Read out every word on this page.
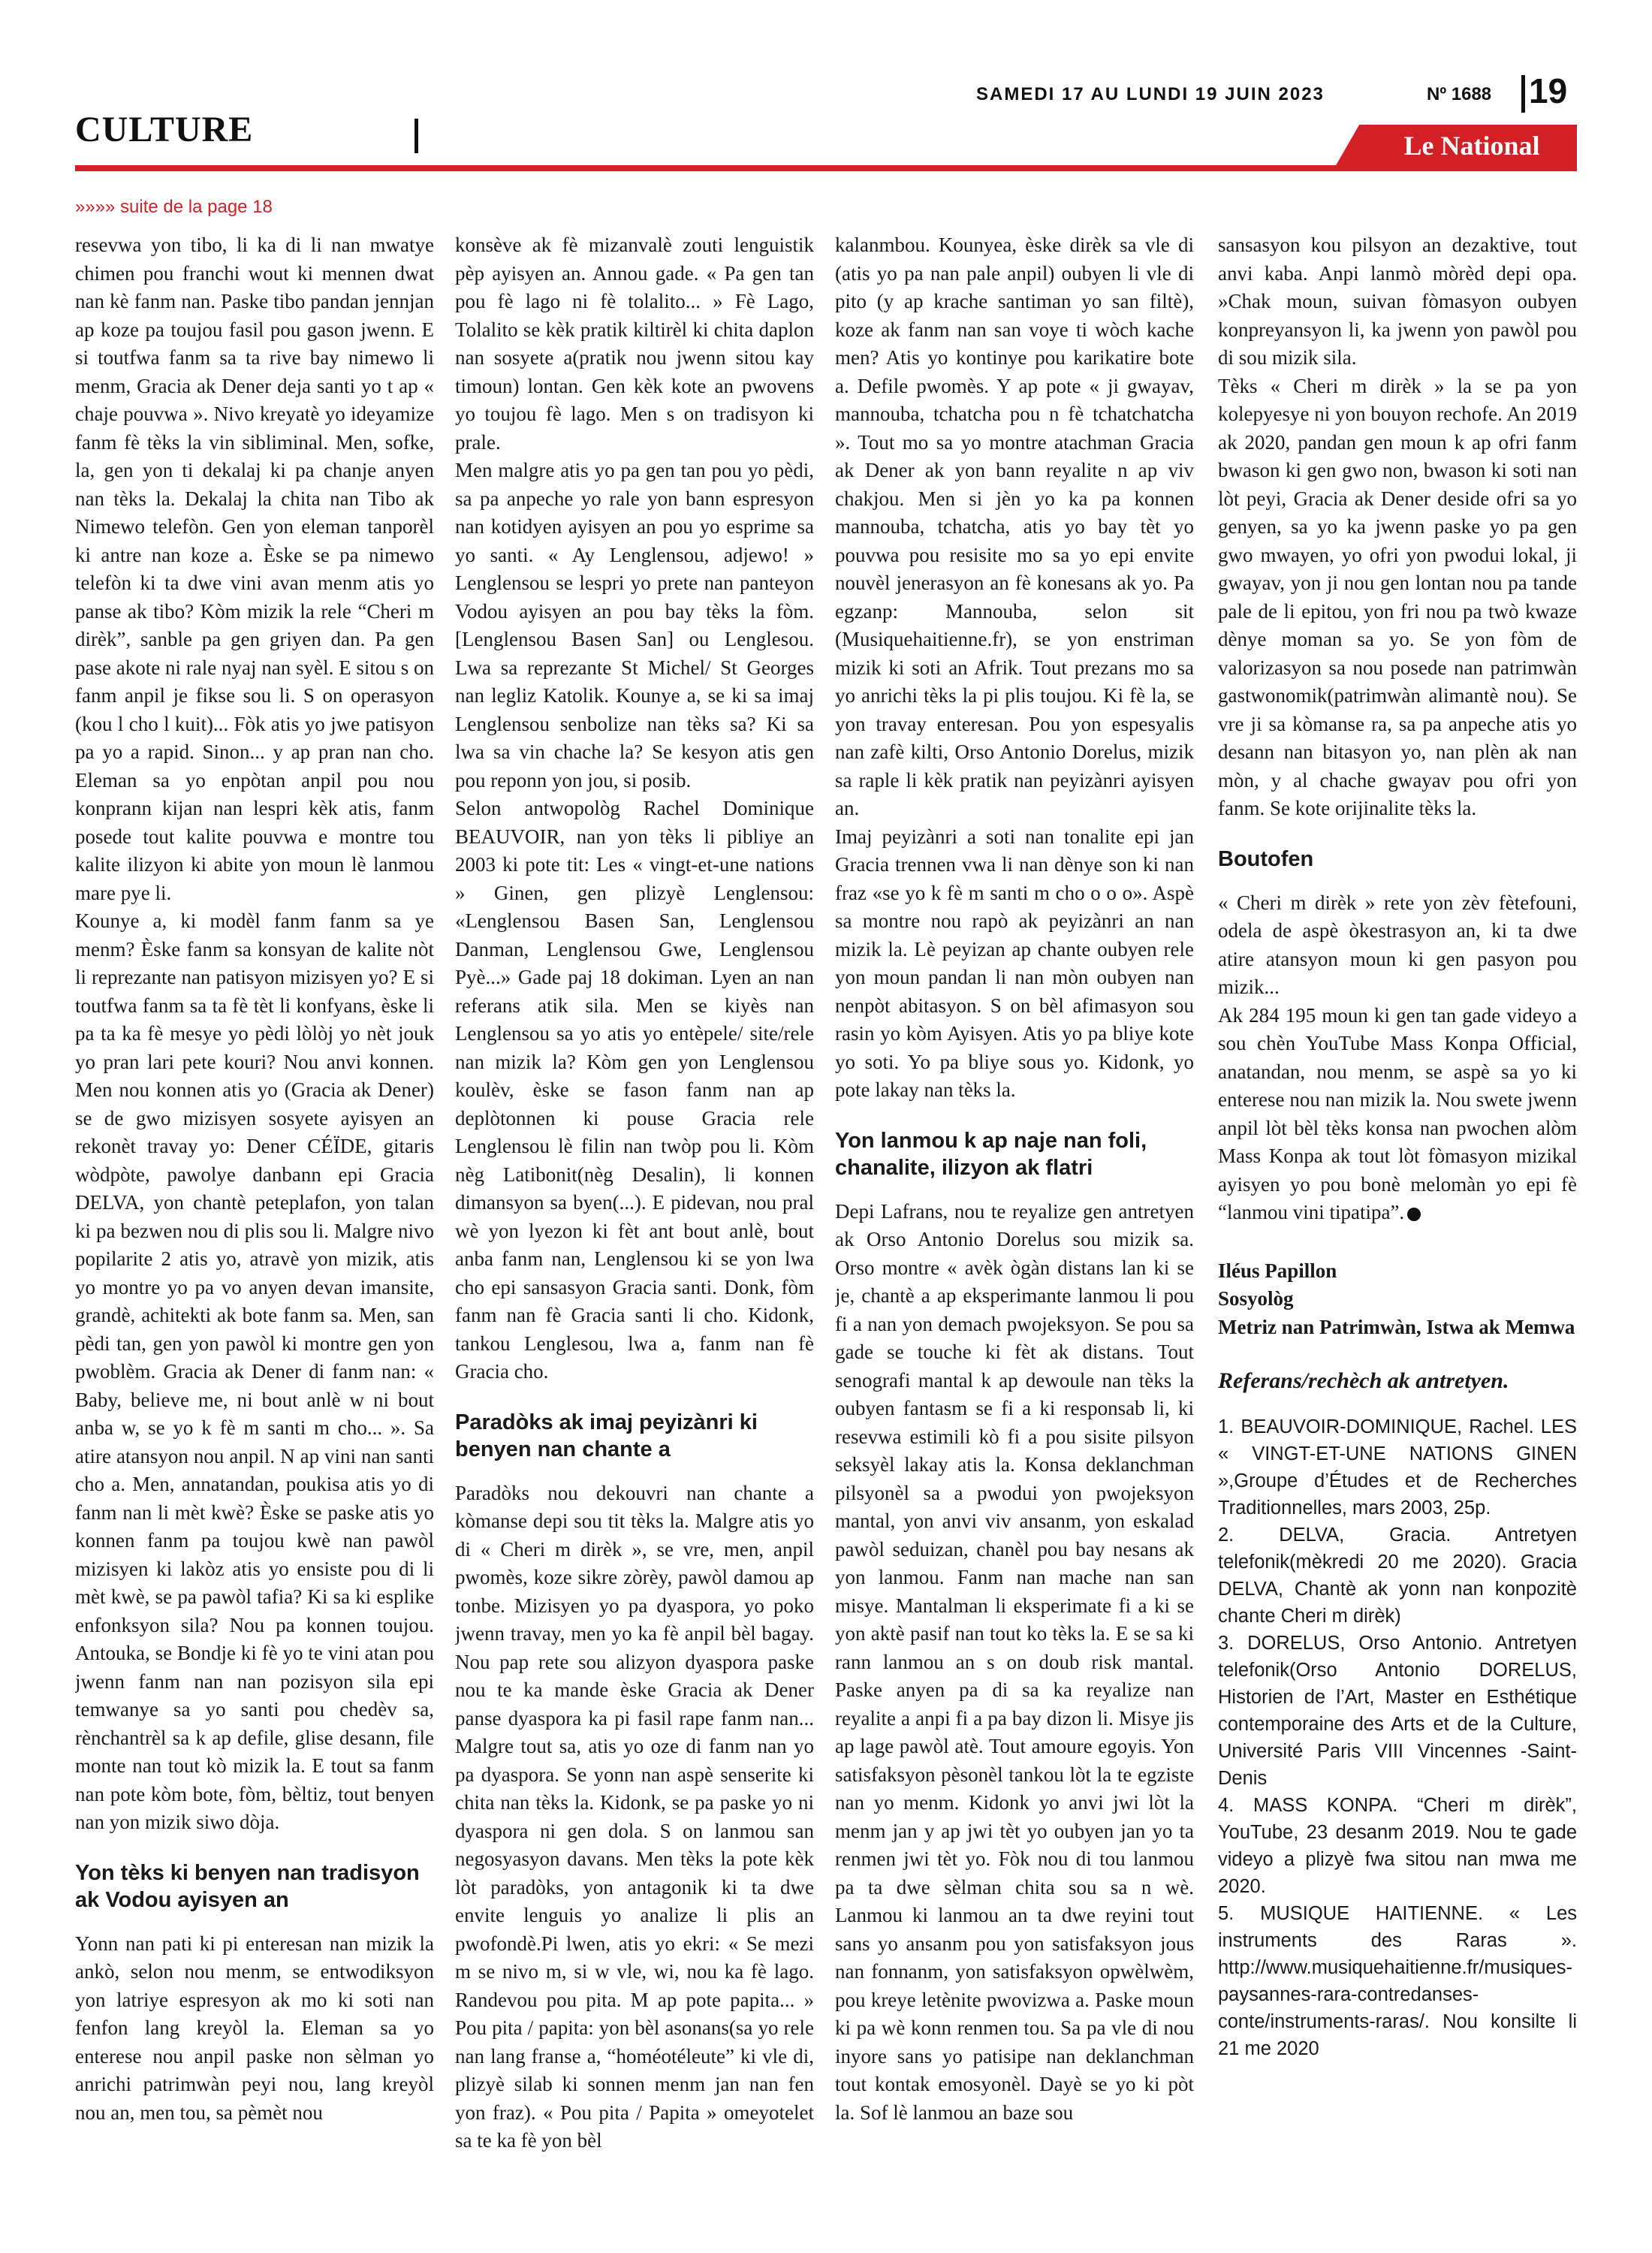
SAMEDI 17 AU LUNDI 19 JUIN 2023	Nº 1688 19
CULTURE	Le National
»»»» suite de la page 18

resevwa yon tibo, li ka di li nan mwatye chimen pou franchi wout ki mennen dwat nan kè fanm nan. Paske tibo pandan jennjan ap koze pa toujou fasil pou gason jwenn. E si toutfwa fanm sa ta rive bay nimewo li menm, Gracia ak Dener deja santi yo t ap « chaje pouvwa ». Nivo kreyatè yo ideyamize fanm fè tèks la vin sibliminal. Men, sofke, la, gen yon ti dekalaj ki pa chanje anyen nan tèks la. Dekalaj la chita nan Tibo ak Nimewo telefòn. Gen yon eleman tanporèl ki antre nan koze a. Èske se pa nimewo telefòn ki ta dwe vini avan menm atis yo panse ak tibo? Kòm mizik la rele “Cheri m dirèk”, sanble pa gen griyen dan. Pa gen pase akote ni rale nyaj nan syèl. E sitou s on fanm anpil je fikse sou li. S on operasyon (kou l cho l kuit)... Fòk atis yo jwe patisyon pa yo a rapid. Sinon... y ap pran nan cho. Eleman sa yo enpòtan anpil pou nou konprann kijan nan lespri kèk atis, fanm posede tout kalite pouvwa e montre tou kalite ilizyon ki abite yon moun lè lanmou mare pye li.

Kounye a, ki modèl fanm fanm sa ye menm? Èske fanm sa konsyan de kalite nòt li reprezante nan patisyon mizisyen yo? E si toutfwa fanm sa ta fè tèt li konfyans, èske li pa ta ka fè mesye yo pèdi lòlòj yo nèt jouk yo pran lari pete kouri? Nou anvi konnen. Men nou konnen atis yo (Gracia ak Dener) se de gwo mizisyen sosyete ayisyen an rekonèt travay yo: Dener CÉÏDE, gitaris wòdpòte, pawolye danbann epi Gracia DELVA, yon chantè peteplafon, yon talan ki pa bezwen nou di plis sou li. Malgre nivo popilarite 2 atis yo, atravè yon mizik, atis yo montre yo pa vo anyen devan imansite, grandè, achitekti ak bote fanm sa. Men, san pèdi tan, gen yon pawòl ki montre gen yon pwoblèm. Gracia ak Dener di fanm nan: « Baby, believe me, ni bout anlè w ni bout anba w, se yo k fè m santi m cho... ». Sa atire atansyon nou anpil. N ap vini nan santi cho a. Men, annatandan, poukisa atis yo di fanm nan li mèt kwè? Èske se paske atis yo konnen fanm pa toujou kwè nan pawòl mizisyen ki lakòz atis yo ensiste pou di li mèt kwè, se pa pawòl tafia? Ki sa ki esplike enfonksyon sila? Nou pa konnen toujou. Antouka, se Bondje ki fè yo te vini atan pou jwenn fanm nan nan pozisyon sila epi temwanye sa yo santi pou chedèv sa, rènchantrèl sa k ap defile, glise desann, file monte nan tout kò mizik la. E tout sa fanm nan pote kòm bote, fòm, bèltiz, tout benyen nan yon mizik siwo dòja.

Yon tèks ki benyen nan tradisyon ak Vodou ayisyen an

Yonn nan pati ki pi enteresan nan mizik la ankò, selon nou menm, se entwodiksyon yon latriye espresyon ak mo ki soti nan fenfon lang kreyòl la. Eleman sa yo enterese nou anpil paske non sèlman yo anrichi patrimwàn peyi nou, lang kreyòl nou an, men tou, sa pèmèt nou

konsève ak fè mizanvalè zouti lenguistik pèp ayisyen an. Annou gade. « Pa gen tan pou fè lago ni fè tolalito... » Fè Lago, Tolalito se kèk pratik kiltirèl ki chita daplon nan sosyete a(pratik nou jwenn sitou kay timoun) lontan. Gen kèk kote an pwovens yo toujou fè lago. Men s on tradisyon ki prale.

Men malgre atis yo pa gen tan pou yo pèdi, sa pa anpeche yo rale yon bann espresyon nan kotidyen ayisyen an pou yo esprime sa yo santi. « Ay Lenglensou, adjewo! » Lenglensou se lespri yo prete nan panteyon Vodou ayisyen an pou bay tèks la fòm. [Lenglensou Basen San] ou Lenglesou. Lwa sa reprezante St Michel/ St Georges nan legliz Katolik. Kounye a, se ki sa imaj Lenglensou senbolize nan tèks sa? Ki sa lwa sa vin chache la? Se kesyon atis gen pou reponn yon jou, si posib.

Selon antwopològ Rachel Dominique BEAUVOIR, nan yon tèks li pibliye an 2003 ki pote tit: Les « vingt-et-une nations » Ginen, gen plizyè Lenglensou: «Lenglensou Basen San, Lenglensou Danman, Lenglensou Gwe, Lenglensou Pyè...» Gade paj 18 dokiman. Lyen an nan referans atik sila. Men se kiyès nan Lenglensou sa yo atis yo entèpele/ site/rele nan mizik la? Kòm gen yon Lenglensou koulèv, èske se fason fanm nan ap deplòtonnen ki pouse Gracia rele Lenglensou lè filin nan twòp pou li. Kòm nèg Latibonit(nèg Desalin), li konnen dimansyon sa byen(...). E pidevan, nou pral wè yon lyezon ki fèt ant bout anlè, bout anba fanm nan, Lenglensou ki se yon lwa cho epi sansasyon Gracia santi. Donk, fòm fanm nan fè Gracia santi li cho. Kidonk, tankou Lenglesou, lwa a, fanm nan fè Gracia cho.

Paradòks ak imaj peyizànri ki benyen nan chante a

Paradòks nou dekouvri nan chante a kòmanse depi sou tit tèks la. Malgre atis yo di « Cheri m dirèk », se vre, men, anpil pwomès, koze sikre zòrèy, pawòl damou ap tonbe. Mizisyen yo pa dyaspora, yo poko jwenn travay, men yo ka fè anpil bèl bagay. Nou pap rete sou alizyon dyaspora paske nou te ka mande èske Gracia ak Dener panse dyaspora ka pi fasil rape fanm nan... Malgre tout sa, atis yo oze di fanm nan yo pa dyaspora. Se yonn nan aspè senserite ki chita nan tèks la. Kidonk, se pa paske yo ni dyaspora ni gen dola. S on lanmou san negosyasyon davans. Men tèks la pote kèk lòt paradòks, yon antagonik ki ta dwe envite lenguis yo analize li plis an pwofondè.Pi lwen, atis yo ekri: « Se mezi m se nivo m, si w vle, wi, nou ka fè lago. Randevou pou pita. M ap pote papita... » Pou pita / papita: yon bèl asonans(sa yo rele nan lang franse a, “homéotéleute” ki vle di, plizyè silab ki sonnen menm jan nan fen yon fraz). « Pou pita / Papita » omeyotelet sa te ka fè yon bèl

kalanmbou. Kounyea, èske dirèk sa vle di (atis yo pa nan pale anpil) oubyen li vle di pito (y ap krache santiman yo san filtè), koze ak fanm nan san voye ti wòch kache men? Atis yo kontinye pou karikatire bote a. Defile pwomès. Y ap pote « ji gwayav, mannouba, tchatcha pou n fè tchatchatcha ». Tout mo sa yo montre atachman Gracia ak Dener ak yon bann reyalite n ap viv chakjou. Men si jèn yo ka pa konnen mannouba, tchatcha, atis yo bay tèt yo pouvwa pou resisite mo sa yo epi envite nouvèl jenerasyon an fè konesans ak yo. Pa egzanp: Mannouba, selon sit (Musiquehaitienne.fr), se yon enstriman mizik ki soti an Afrik. Tout prezans mo sa yo anrichi tèks la pi plis toujou. Ki fè la, se yon travay enteresan. Pou yon espesyalis nan zafè kilti, Orso Antonio Dorelus, mizik sa raple li kèk pratik nan peyizànri ayisyen an.

Imaj peyizànri a soti nan tonalite epi jan Gracia trennen vwa li nan dènye son ki nan fraz «se yo k fè m santi m cho o o o». Aspè sa montre nou rapò ak peyizànri an nan mizik la. Lè peyizan ap chante oubyen rele yon moun pandan li nan mòn oubyen nan nenpòt abitasyon. S on bèl afimasyon sou rasin yo kòm Ayisyen. Atis yo pa bliye kote yo soti. Yo pa bliye sous yo. Kidonk, yo pote lakay nan tèks la.

Yon lanmou k ap naje nan foli, chanalite, ilizyon ak flatri

Depi Lafrans, nou te reyalize gen antretyen ak Orso Antonio Dorelus sou mizik sa. Orso montre « avèk ògàn distans lan ki se je, chantè a ap eksperimante lanmou li pou fi a nan yon demach pwojeksyon. Se pou sa gade se touche ki fèt ak distans. Tout senografi mantal k ap dewoule nan tèks la oubyen fantasm se fi a ki responsab li, ki resevwa estimili kò fi a pou sisite pilsyon seksyèl lakay atis la. Konsa deklanchman pilsyonèl sa a pwodui yon pwojeksyon mantal, yon anvi viv ansanm, yon eskalad pawòl seduizan, chanèl pou bay nesans ak yon lanmou. Fanm nan mache nan san misye. Mantalman li eksperimate fi a ki se yon aktè pasif nan tout ko tèks la. E se sa ki rann lanmou an s on doub risk mantal. Paske anyen pa di sa ka reyalize nan reyalite a anpi fi a pa bay dizon li. Misye jis ap lage pawòl atè. Tout amoure egoyis. Yon satisfaksyon pèsonèl tankou lòt la te egziste nan yo menm. Kidonk yo anvi jwi lòt la menm jan y ap jwi tèt yo oubyen jan yo ta renmen jwi tèt yo. Fòk nou di tou lanmou pa ta dwe sèlman chita sou sa n wè. Lanmou ki lanmou an ta dwe reyini tout sans yo ansanm pou yon satisfaksyon jous nan fonnanm, yon satisfaksyon opwèlwèm, pou kreye letènite pwovizwa a. Paske moun ki pa wè konn renmen tou. Sa pa vle di nou inyore sans yo patisipe nan deklanchman tout kontak emosyonèl. Dayè se yo ki pòt la. Sof lè lanmou an baze sou

sansasyon kou pilsyon an dezaktive, tout anvi kaba. Anpi lanmò mòrèd depi opa. »Chak moun, suivan fòmasyon oubyen konpreyansyon li, ka jwenn yon pawòl pou di sou mizik sila.

Tèks « Cheri m dirèk » la se pa yon kolepyesye ni yon bouyon rechofe. An 2019 ak 2020, pandan gen moun k ap ofri fanm bwason ki gen gwo non, bwason ki soti nan lòt peyi, Gracia ak Dener deside ofri sa yo genyen, sa yo ka jwenn paske yo pa gen gwo mwayen, yo ofri yon pwodui lokal, ji gwayav, yon ji nou gen lontan nou pa tande pale de li epitou, yon fri nou pa twò kwaze dènye moman sa yo. Se yon fòm de valorizasyon sa nou posede nan patrimwàn gastwonomik(patrimwàn alimantè nou). Se vre ji sa kòmanse ra, sa pa anpeche atis yo desann nan bitasyon yo, nan plèn ak nan mòn, y al chache gwayav pou ofri yon fanm. Se kote orijinalite tèks la.

Boutofen

« Cheri m dirèk » rete yon zèv fètefouni, odela de aspè òkestrasyon an, ki ta dwe atire atansyon moun ki gen pasyon pou mizik...

Ak 284 195 moun ki gen tan gade videyo a sou chèn YouTube Mass Konpa Official, anatandan, nou menm, se aspè sa yo ki enterese nou nan mizik la. Nou swete jwenn anpil lòt bèl tèks konsa nan pwochen alòm Mass Konpa ak tout lòt fòmasyon mizikal ayisyen yo pou bonè melomàn yo epi fè “lanmou vini tipatipa”.

Iléus Papillon
Sosyològ
Metriz nan Patrimwàn, Istwa ak Memwa
Referans/rechèch ak antretyen.

1. BEAUVOIR-DOMINIQUE, Rachel. LES « VINGT-ET-UNE NATIONS GINEN »,Groupe d’Études et de Recherches Traditionnelles, mars 2003, 25p.

2. DELVA, Gracia. Antretyen telefonik(mèkredi 20 me 2020). Gracia DELVA, Chantè ak yonn nan konpozitè chante Cheri m dirèk)

3. DORELUS, Orso Antonio. Antretyen telefonik(Orso Antonio DORELUS, Historien de l’Art, Master en Esthétique contemporaine des Arts et de la Culture, Université Paris VIII Vincennes -Saint-Denis

4. MASS KONPA. “Cheri m dirèk”, YouTube, 23 desanm 2019. Nou te gade videyo a plizyè fwa sitou nan mwa me 2020.

5. MUSIQUE HAITIENNE. « Les instruments des Raras ». http://www.musiquehaitienne.fr/musiques-paysannes-rara-contredanses-conte/instruments-raras/. Nou konsilte li 21 me 2020
